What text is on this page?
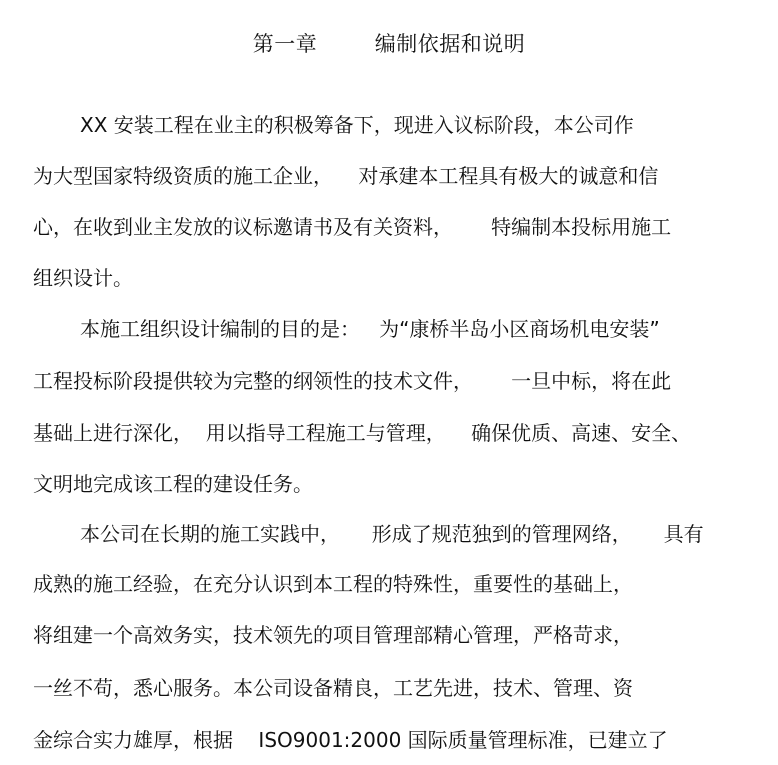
第一章        编制依据和说明
XX 安装工程在业主的积极筹备下，现进入议标阶段，本公司作
为大型国家特级资质的施工企业，    对承建本工程具有极大的诚意和信
心，在收到业主发放的议标邀请书及有关资料，      特编制本投标用施工
组织设计。
本施工组织设计编制的目的是：   为“康桥半岛小区商场机电安装”
工程投标阶段提供较为完整的纲领性的技术文件，      一旦中标，将在此
基础上进行深化，  用以指导工程施工与管理，    确保优质、高速、安全、
文明地完成该工程的建设任务。
本公司在长期的施工实践中，     形成了规范独到的管理网络，     具有
成熟的施工经验，在充分认识到本工程的特殊性，重要性的基础上，
将组建一个高效务实，技术领先的项目管理部精心管理，严格苛求，
一丝不苟，悉心服务。本公司设备精良，工艺先进，技术、管理、资
金综合实力雄厚，根据    ISO9001:2000 国际质量管理标准，已建立了
